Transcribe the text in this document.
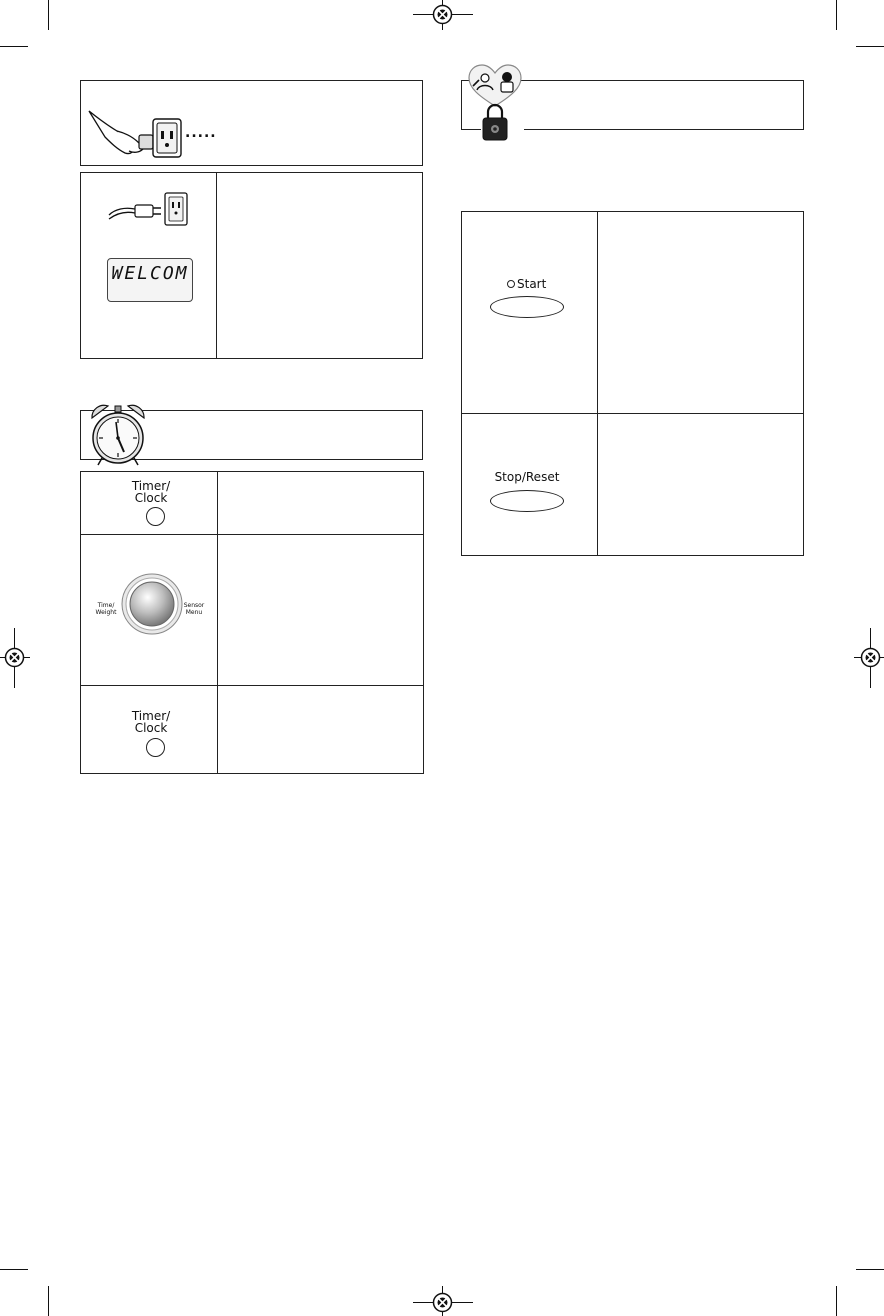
.....
WELCOM
Timer/
Clock
Time/
Weight
Sensor
Menu
Timer/
Clock
Start
Stop/Reset
